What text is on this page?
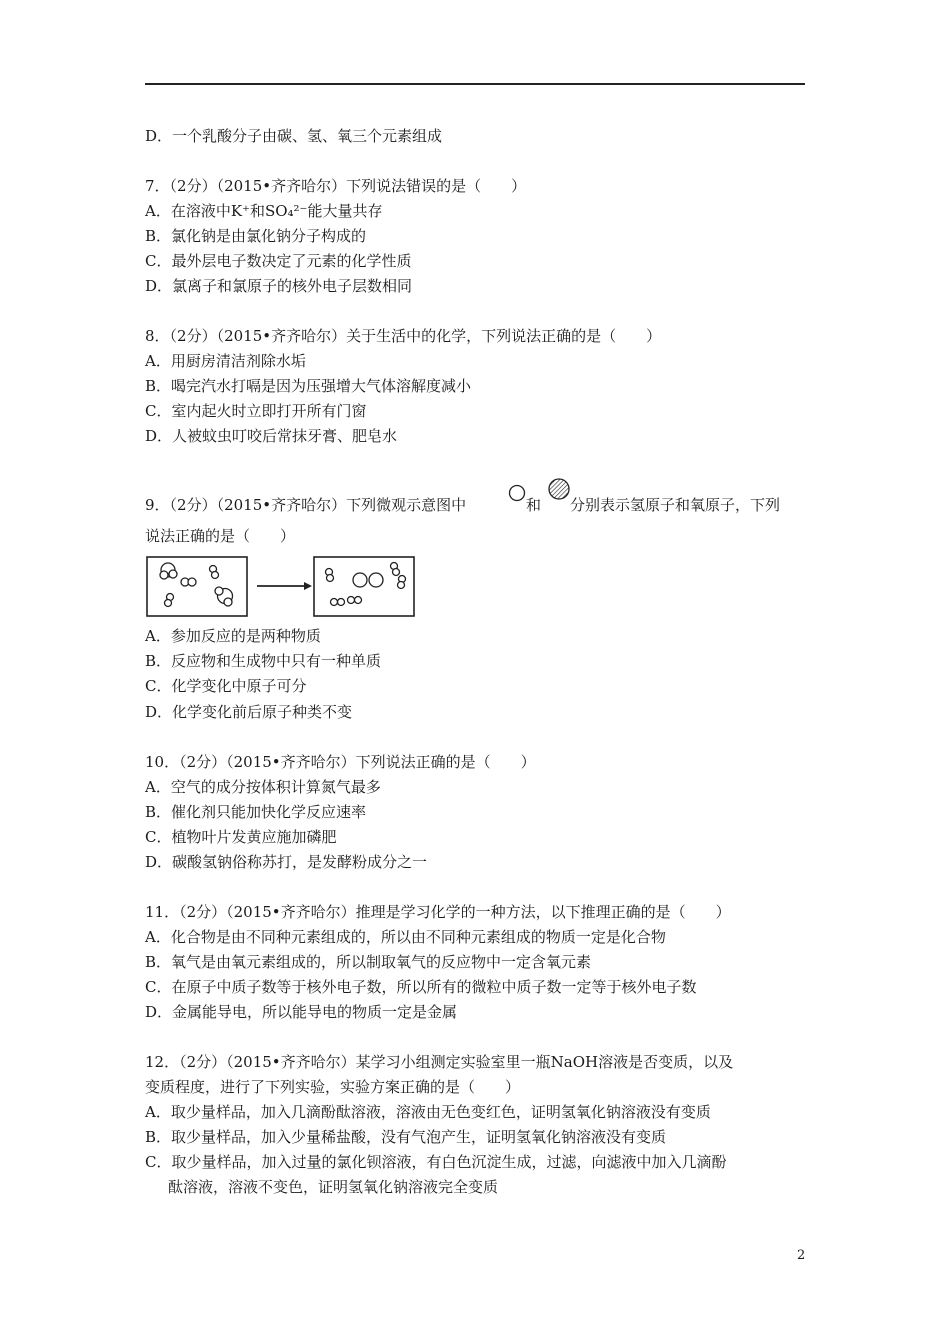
D．一个乳酸分子由碳、氢、氧三个元素组成
7．（2分）（2015•齐齐哈尔）下列说法错误的是（　　）
A．在溶液中K⁺和SO₄²⁻能大量共存
B．氯化钠是由氯化钠分子构成的
C．最外层电子数决定了元素的化学性质
D．氯离子和氯原子的核外电子层数相同
8．（2分）（2015•齐齐哈尔）关于生活中的化学，下列说法正确的是（　　）
A．用厨房清洁剂除水垢
B．喝完汽水打嗝是因为压强增大气体溶解度减小
C．室内起火时立即打开所有门窗
D．人被蚊虫叮咬后常抹牙膏、肥皂水
9．（2分）（2015•齐齐哈尔）下列微观示意图中	和 分别表示氢原子和氧原子，下列
说法正确的是（　　）
A．参加反应的是两种物质
B．反应物和生成物中只有一种单质
C．化学变化中原子可分
D．化学变化前后原子种类不变
10．（2分）（2015•齐齐哈尔）下列说法正确的是（　　）
A．空气的成分按体积计算氮气最多
B．催化剂只能加快化学反应速率
C．植物叶片发黄应施加磷肥
D．碳酸氢钠俗称苏打，是发酵粉成分之一
11．（2分）（2015•齐齐哈尔）推理是学习化学的一种方法，以下推理正确的是（　　）
A．化合物是由不同种元素组成的，所以由不同种元素组成的物质一定是化合物
B．氧气是由氧元素组成的，所以制取氧气的反应物中一定含氧元素
C．在原子中质子数等于核外电子数，所以所有的微粒中质子数一定等于核外电子数
D．金属能导电，所以能导电的物质一定是金属
12．（2分）（2015•齐齐哈尔）某学习小组测定实验室里一瓶NaOH溶液是否变质，以及
变质程度，进行了下列实验，实验方案正确的是（　　）
A．取少量样品，加入几滴酚酞溶液，溶液由无色变红色，证明氢氧化钠溶液没有变质
B．取少量样品，加入少量稀盐酸，没有气泡产生，证明氢氧化钠溶液没有变质
C．取少量样品，加入过量的氯化钡溶液，有白色沉淀生成，过滤，向滤液中加入几滴酚
酞溶液，溶液不变色，证明氢氧化钠溶液完全变质
2
